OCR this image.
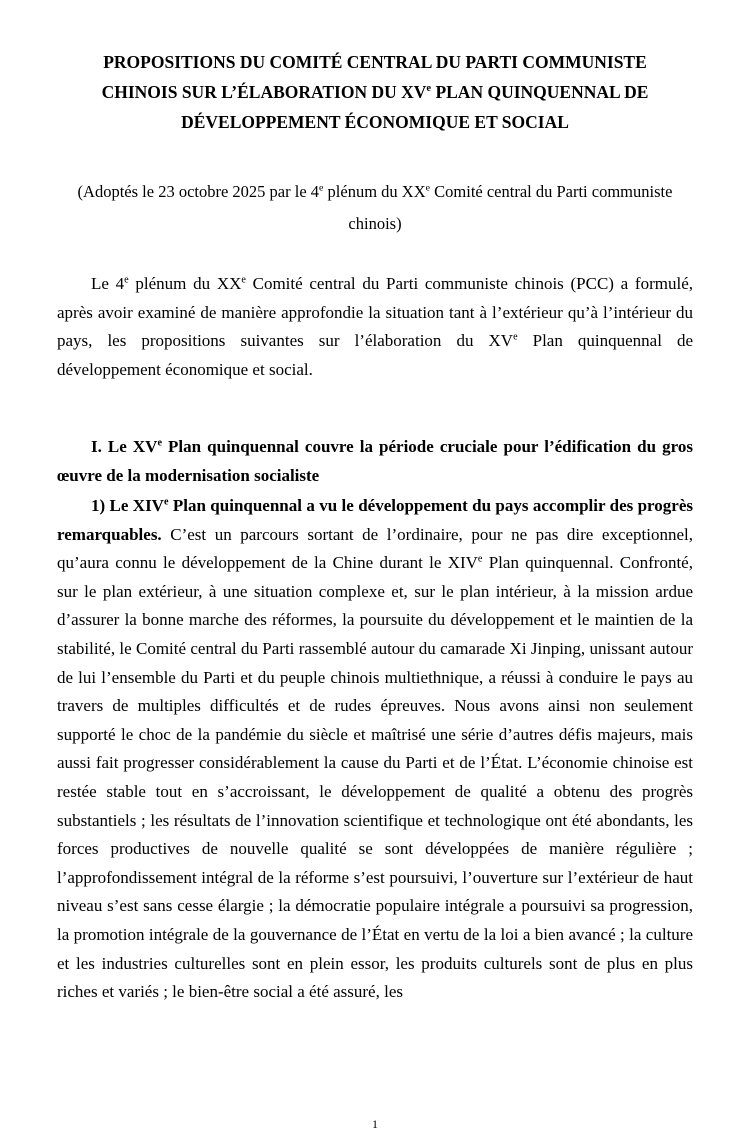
PROPOSITIONS DU COMITÉ CENTRAL DU PARTI COMMUNISTE
CHINOIS SUR L’ÉLABORATION DU XVe PLAN QUINQUENNAL DE
DÉVELOPPEMENT ÉCONOMIQUE ET SOCIAL

(Adoptés le 23 octobre 2025 par le 4e plénum du XXe Comité central du Parti communiste chinois)

Le 4e plénum du XXe Comité central du Parti communiste chinois (PCC) a formulé, après avoir examiné de manière approfondie la situation tant à l’extérieur qu’à l’intérieur du pays, les propositions suivantes sur l’élaboration du XVe Plan quinquennal de développement économique et social.

I. Le XVe Plan quinquennal couvre la période cruciale pour l’édification du gros œuvre de la modernisation socialiste

1) Le XIVe Plan quinquennal a vu le développement du pays accomplir des progrès remarquables. C’est un parcours sortant de l’ordinaire, pour ne pas dire exceptionnel, qu’aura connu le développement de la Chine durant le XIVe Plan quinquennal. Confronté, sur le plan extérieur, à une situation complexe et, sur le plan intérieur, à la mission ardue d’assurer la bonne marche des réformes, la poursuite du développement et le maintien de la stabilité, le Comité central du Parti rassemblé autour du camarade Xi Jinping, unissant autour de lui l’ensemble du Parti et du peuple chinois multiethnique, a réussi à conduire le pays au travers de multiples difficultés et de rudes épreuves. Nous avons ainsi non seulement supporté le choc de la pandémie du siècle et maîtrisé une série d’autres défis majeurs, mais aussi fait progresser considérablement la cause du Parti et de l’État. L’économie chinoise est restée stable tout en s’accroissant, le développement de qualité a obtenu des progrès substantiels ; les résultats de l’innovation scientifique et technologique ont été abondants, les forces productives de nouvelle qualité se sont développées de manière régulière ; l’approfondissement intégral de la réforme s’est poursuivi, l’ouverture sur l’extérieur de haut niveau s’est sans cesse élargie ; la démocratie populaire intégrale a poursuivi sa progression, la promotion intégrale de la gouvernance de l’État en vertu de la loi a bien avancé ; la culture et les industries culturelles sont en plein essor, les produits culturels sont de plus en plus riches et variés ; le bien-être social a été assuré, les

1
